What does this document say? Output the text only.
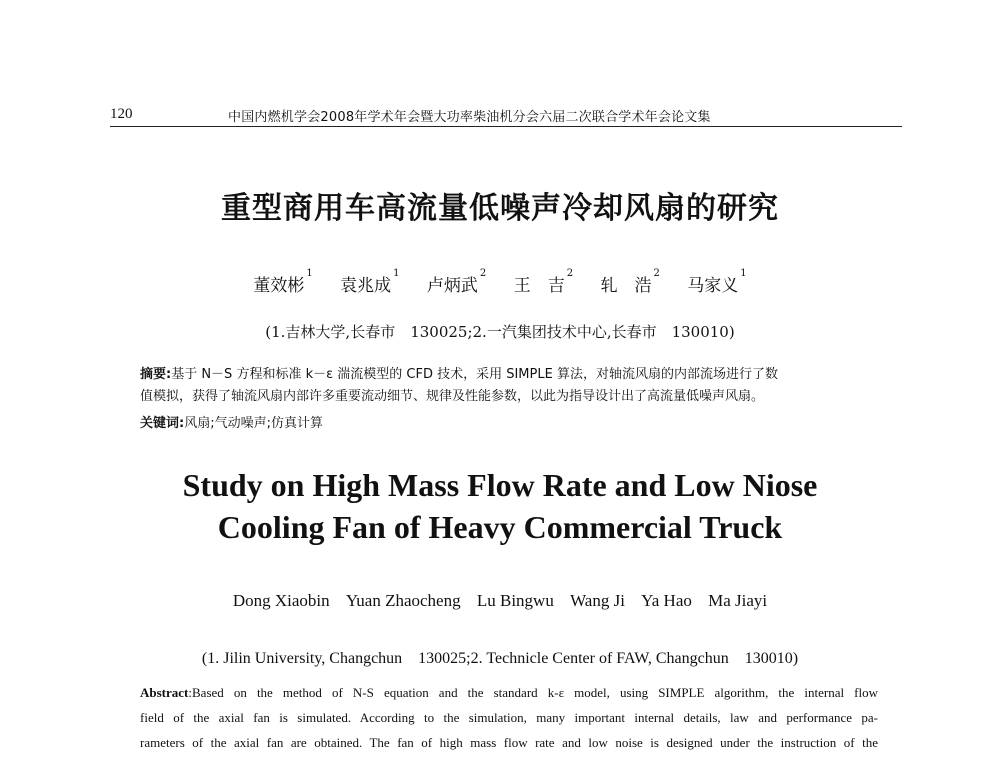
120	中国内燃机学会2008年学术年会暨大功率柴油机分会六届二次联合学术年会论文集
重型商用车高流量低噪声冷却风扇的研究
董效彬$^1$ 袁兆成$^1$ 卢炳武$^2$ 王　吉$^2$ 轧　浩$^2$ 马家义$^1$
(1.吉林大学,长春市　130025;2.一汽集团技术中心,长春市　130010)
摘要:基于 N－S 方程和标准 k－ε 湍流模型的 CFD 技术，采用 SIMPLE 算法，对轴流风扇的内部流场进行了数
值模拟，获得了轴流风扇内部许多重要流动细节、规律及性能参数，以此为指导设计出了高流量低噪声风扇。
关键词:风扇;气动噪声;仿真计算
Study on High Mass Flow Rate and Low Niose
Cooling Fan of Heavy Commercial Truck
Dong Xiaobin Yuan Zhaocheng Lu Bingwu Wang Ji Ya Hao Ma Jiayi
(1. Jilin University, Changchun　130025;2. Technicle Center of FAW, Changchun　130010)
Abstract:Based on the method of N-S equation and the standard k-ε model, using SIMPLE algorithm, the internal flow
field of the axial fan is simulated. According to the simulation, many important internal details, law and performance pa-
rameters of the axial fan are obtained. The fan of high mass flow rate and low noise is designed under the instruction of the
